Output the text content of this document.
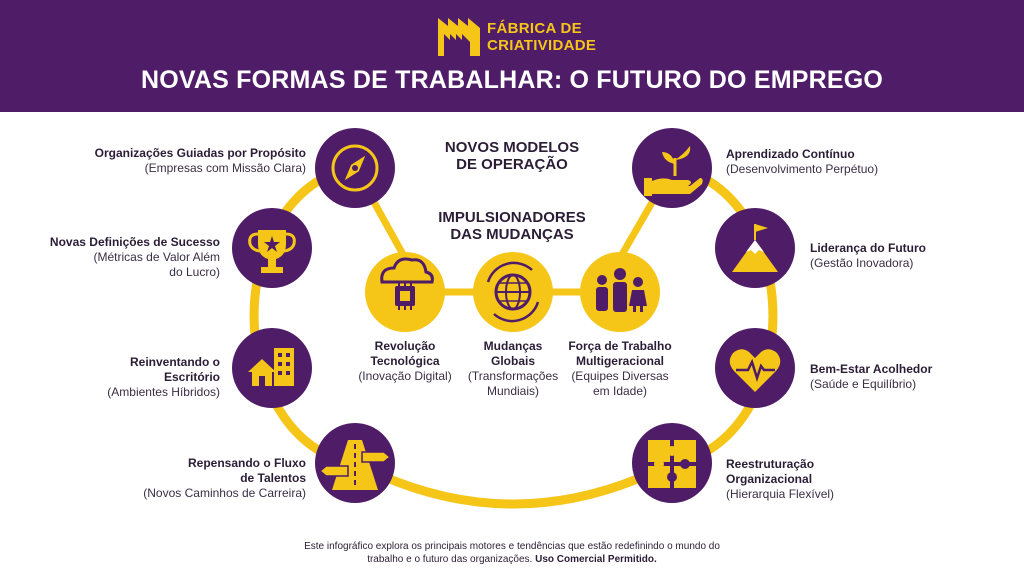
FÁBRICA DE
CRIATIVIDADE
NOVAS FORMAS DE TRABALHAR: O FUTURO DO EMPREGO
NOVOS MODELOS
DE OPERAÇÃO
IMPULSIONADORES
DAS MUDANÇAS
Organizações Guiadas por Propósito
(Empresas com Missão Clara)
Novas Definições de Sucesso
(Métricas de Valor Além
do Lucro)
Reinventando o
Escritório
(Ambientes Híbridos)
Repensando o Fluxo
de Talentos
(Novos Caminhos de Carreira)
Aprendizado Contínuo
(Desenvolvimento Perpétuo)
Liderança do Futuro
(Gestão Inovadora)
Bem-Estar Acolhedor
(Saúde e Equilíbrio)
Reestruturação
Organizacional
(Hierarquia Flexível)
Revolução
Tecnológica
(Inovação Digital)
Mudanças
Globais
(Transformações
Mundiais)
Força de Trabalho
Multigeracional
(Equipes Diversas
em Idade)
Este infográfico explora os principais motores e tendências que estão redefinindo o mundo do
trabalho e o futuro das organizações. Uso Comercial Permitido.
